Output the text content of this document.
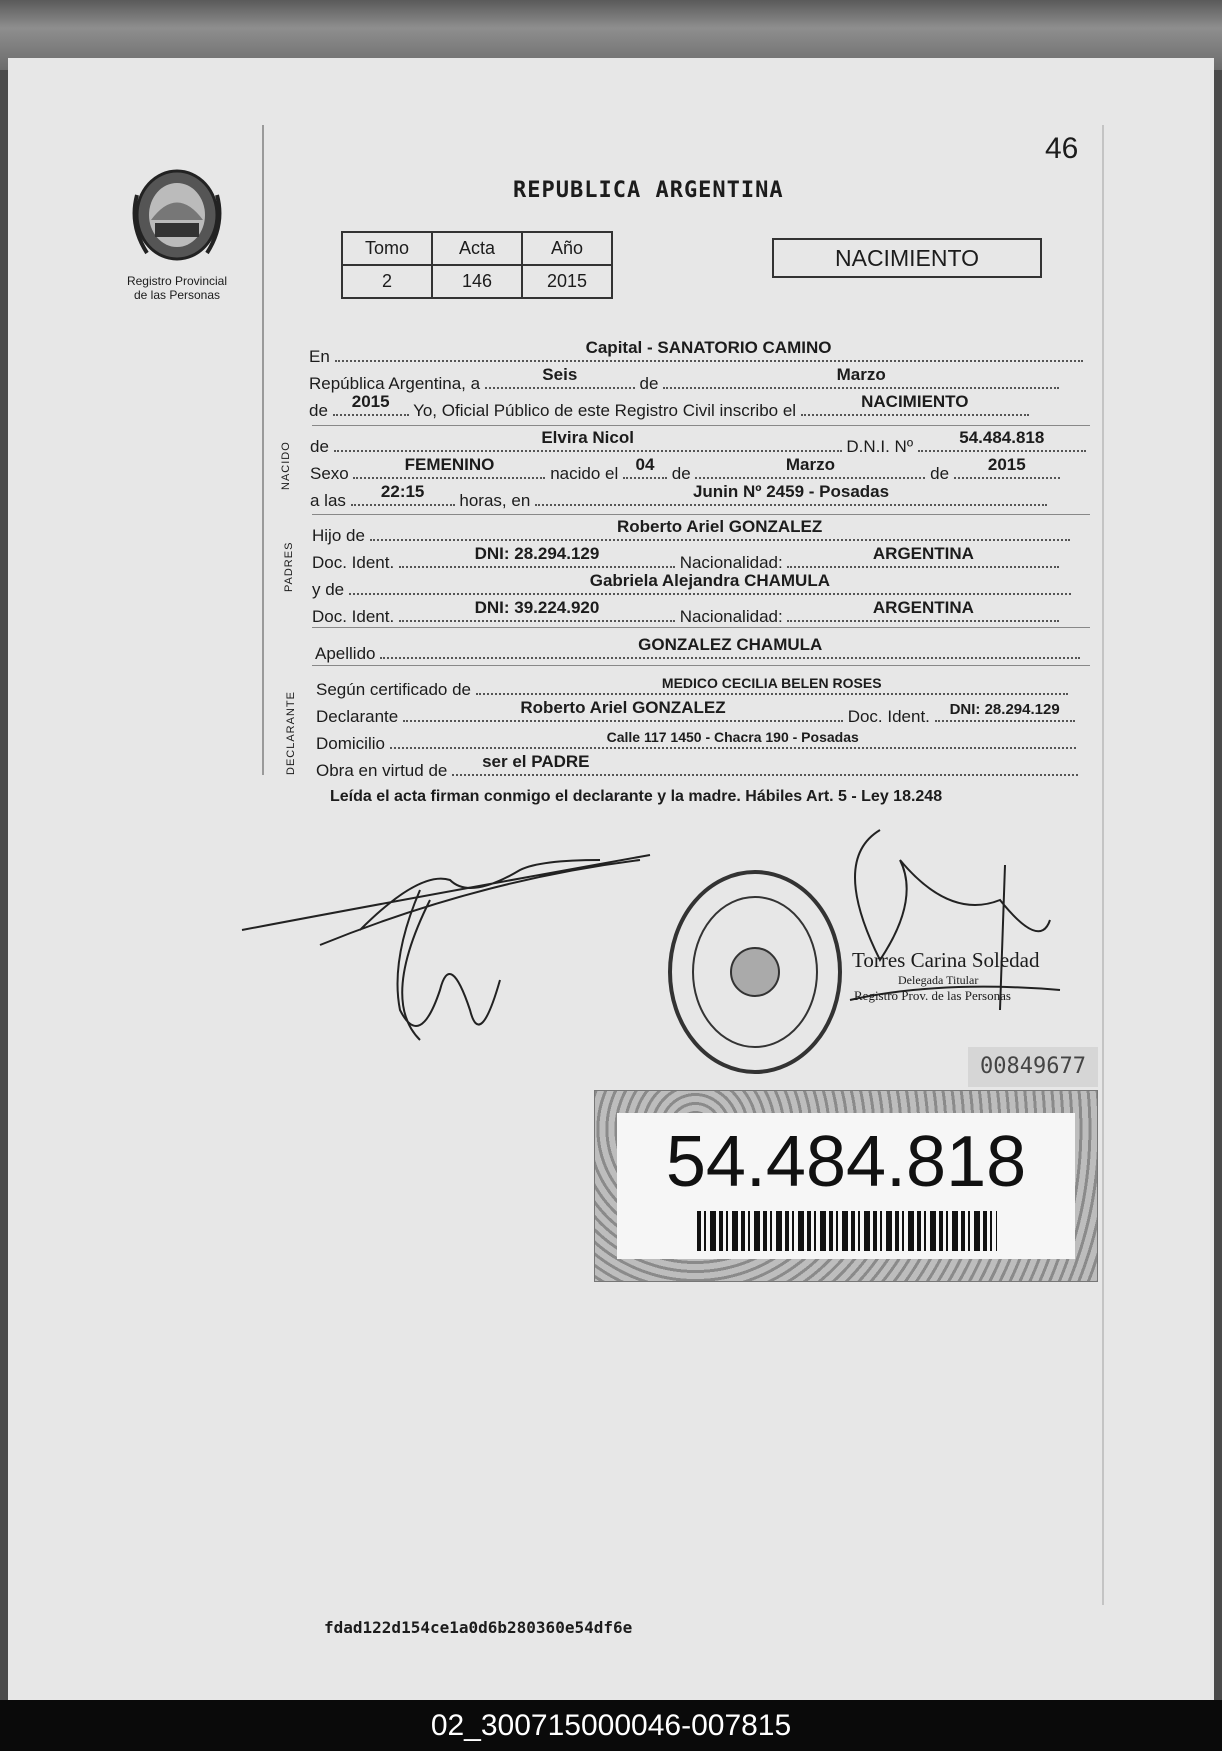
Registro Provincial
de las Personas
46
REPUBLICA ARGENTINA
Tomo	Acta	Año
2	146	2015
NACIMIENTO
En	Capital - SANATORIO CAMINO
República Argentina, a	Seis	de	Marzo
de	2015	Yo, Oficial Público de este Registro Civil inscribo el	NACIMIENTO
NACIDO de	Elvira Nicol	D.N.I. Nº	54.484.818
Sexo	FEMENINO	nacido el	04	de	Marzo	de	2015
a las	22:15	horas, en	Junin Nº 2459 - Posadas
PADRES
Hijo de	Roberto Ariel GONZALEZ
Doc. Ident.	DNI: 28.294.129	Nacionalidad:	ARGENTINA
y de	Gabriela Alejandra CHAMULA
Doc. Ident.	DNI: 39.224.920	Nacionalidad:	ARGENTINA
Apellido	GONZALEZ CHAMULA
DECLARANTE
Según certificado de	MEDICO CECILIA BELEN ROSES
Declarante	Roberto Ariel GONZALEZ	Doc. Ident.	DNI: 28.294.129
Domicilio	Calle 117 1450 - Chacra 190 - Posadas
Obra en virtud de	ser el PADRE
Leída el acta firman conmigo el declarante y la madre. Hábiles Art. 5 - Ley 18.248
Torres Carina Soledad
Delegada Titular
Registro Prov. de las Personas
00849677
54.484.818
fdad122d154ce1a0d6b280360e54df6e
02_300715000046-007815
